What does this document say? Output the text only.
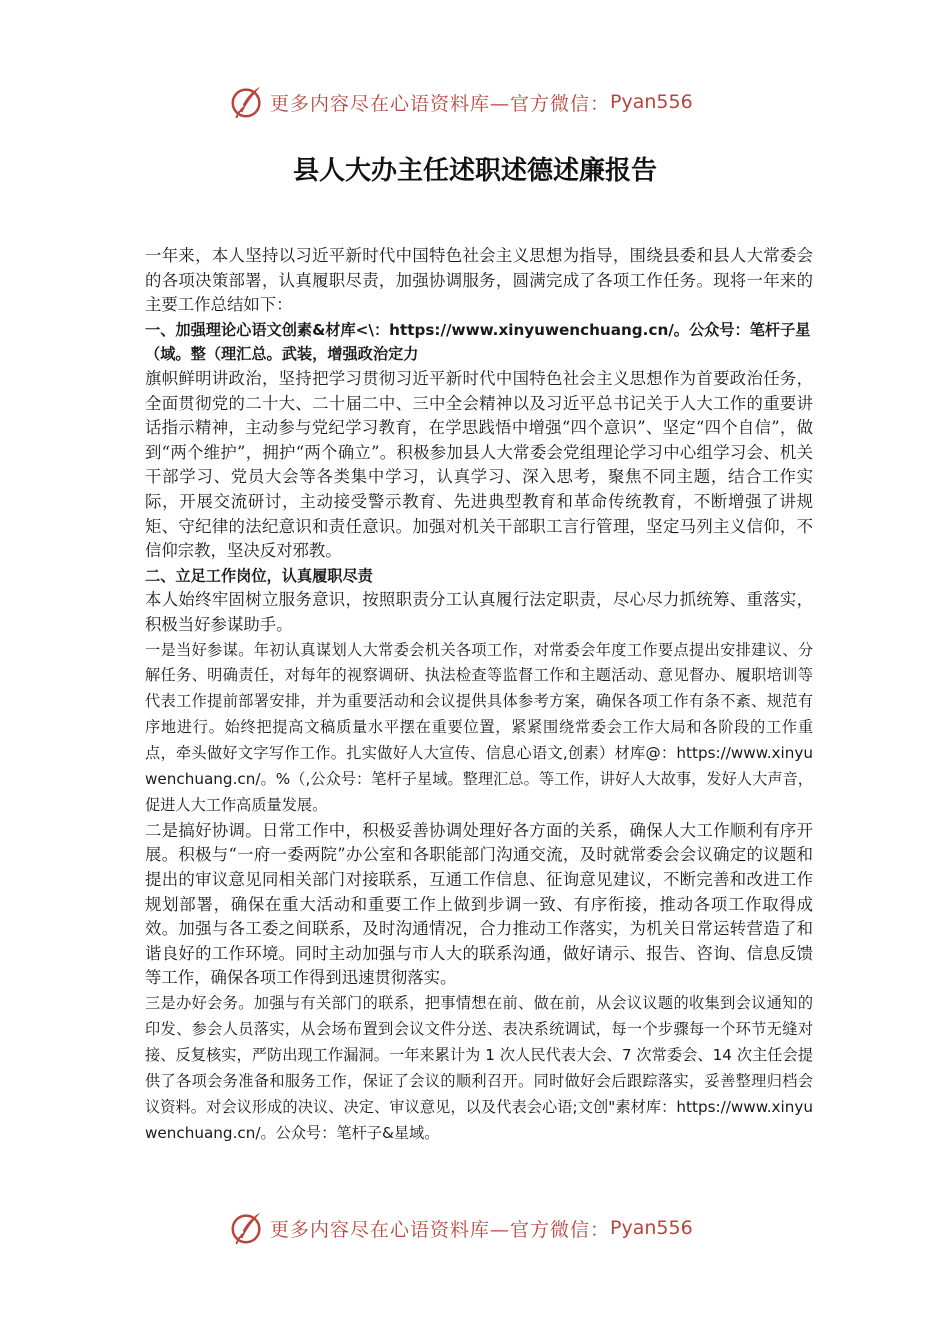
更多内容尽在心语资料库—官方微信： Pyan556
县人大办主任述职述德述廉报告

一年来，本人坚持以习近平新时代中国特色社会主义思想为指导，围绕县委和县人大常委会的各项决策部署，认真履职尽责，加强协调服务，圆满完成了各项工作任务。现将一年来的主要工作总结如下：

一、加强理论心语文创素&材库<\：https://www.xinyuwenchuang.cn/。公众号：笔杆子星（域。整（理汇总。武装，增强政治定力

旗帜鲜明讲政治，坚持把学习贯彻习近平新时代中国特色社会主义思想作为首要政治任务，全面贯彻党的二十大、二十届二中、三中全会精神以及习近平总书记关于人大工作的重要讲话指示精神，主动参与党纪学习教育，在学思践悟中增强“四个意识”、坚定“四个自信”，做到“两个维护”，拥护“两个确立”。积极参加县人大常委会党组理论学习中心组学习会、机关干部学习、党员大会等各类集中学习，认真学习、深入思考，聚焦不同主题，结合工作实际，开展交流研讨，主动接受警示教育、先进典型教育和革命传统教育，不断增强了讲规矩、守纪律的法纪意识和责任意识。加强对机关干部职工言行管理，坚定马列主义信仰，不信仰宗教，坚决反对邪教。

二、立足工作岗位，认真履职尽责

本人始终牢固树立服务意识，按照职责分工认真履行法定职责，尽心尽力抓统筹、重落实，积极当好参谋助手。

一是当好参谋。年初认真谋划人大常委会机关各项工作，对常委会年度工作要点提出安排建议、分解任务、明确责任，对每年的视察调研、执法检查等监督工作和主题活动、意见督办、履职培训等代表工作提前部署安排，并为重要活动和会议提供具体参考方案，确保各项工作有条不紊、规范有序地进行。始终把提高文稿质量水平摆在重要位置，紧紧围绕常委会工作大局和各阶段的工作重点，牵头做好文字写作工作。扎实做好人大宣传、信息心语文,创素）材库@：https://www.xinyuwenchuang.cn/。%（,公众号：笔杆子星域。整理汇总。等工作，讲好人大故事，发好人大声音，促进人大工作高质量发展。

二是搞好协调。日常工作中，积极妥善协调处理好各方面的关系，确保人大工作顺利有序开展。积极与“一府一委两院”办公室和各职能部门沟通交流，及时就常委会会议确定的议题和提出的审议意见同相关部门对接联系，互通工作信息、征询意见建议，不断完善和改进工作规划部署，确保在重大活动和重要工作上做到步调一致、有序衔接，推动各项工作取得成效。加强与各工委之间联系，及时沟通情况，合力推动工作落实，为机关日常运转营造了和谐良好的工作环境。同时主动加强与市人大的联系沟通，做好请示、报告、咨询、信息反馈等工作，确保各项工作得到迅速贯彻落实。

三是办好会务。加强与有关部门的联系，把事情想在前、做在前，从会议议题的收集到会议通知的印发、参会人员落实，从会场布置到会议文件分送、表决系统调试，每一个步骤每一个环节无缝对接、反复核实，严防出现工作漏洞。一年来累计为 1 次人民代表大会、7 次常委会、14 次主任会提供了各项会务准备和服务工作，保证了会议的顺利召开。同时做好会后跟踪落实，妥善整理归档会议资料。对会议形成的决议、决定、审议意见，以及代表会心语;文创"素材库：https://www.xinyuwenchuang.cn/。公众号：笔杆子&星域。

更多内容尽在心语资料库—官方微信： Pyan556
